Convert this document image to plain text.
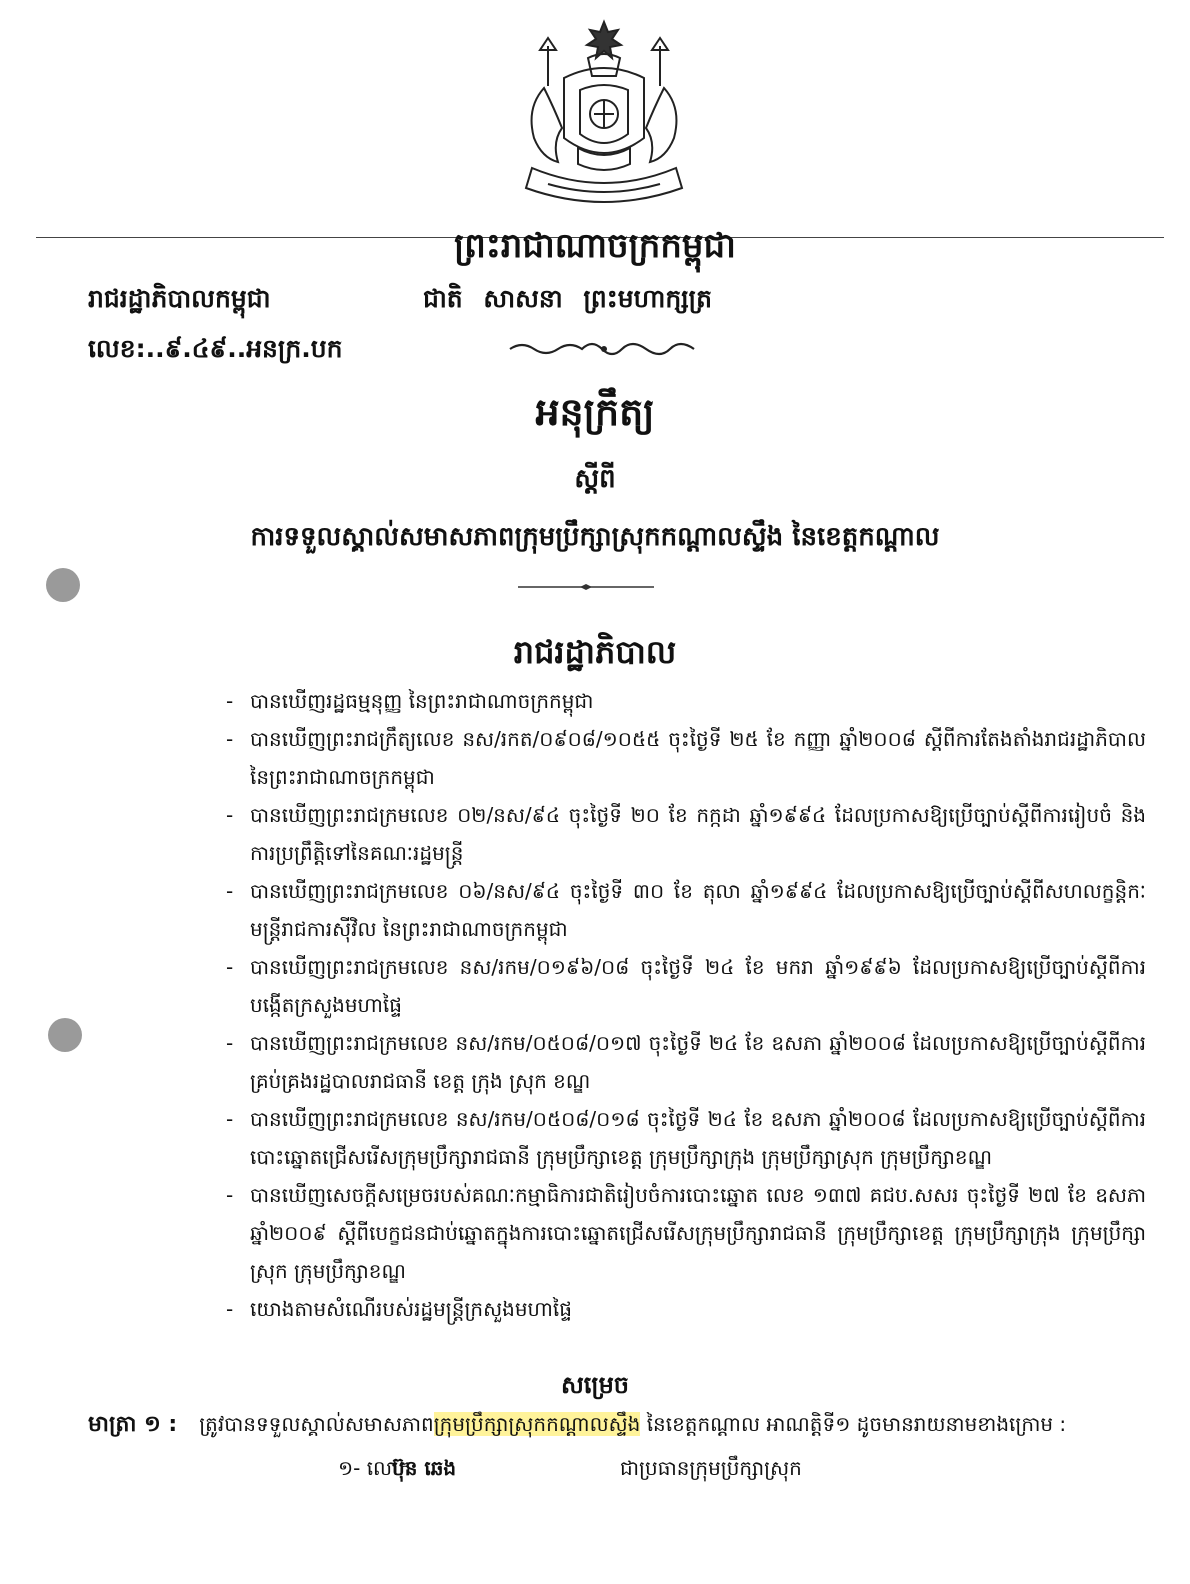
ព្រះរាជាណាចក្រកម្ពុជា
រាជរដ្ឋាភិបាលកម្ពុជា	ជាតិ សាសនា ព្រះមហាក្សត្រ
លេខ:..៩.៤៩..អនក្រ.បក
អនុក្រឹត្យ
ស្តីពី
ការទទួលស្គាល់សមាសភាពក្រុមប្រឹក្សាស្រុកកណ្តាលស្ទឹង នៃខេត្តកណ្តាល
រាជរដ្ឋាភិបាល
- បានឃើញរដ្ឋធម្មនុញ្ញ នៃព្រះរាជាណាចក្រកម្ពុជា
- បានឃើញព្រះរាជក្រឹត្យលេខ នស/រកត/០៩០៨/១០៥៥ ចុះថ្ងៃទី ២៥ ខែ កញ្ញា ឆ្នាំ២០០៨ ស្តីពីការតែងតាំងរាជរដ្ឋាភិបាល នៃព្រះរាជាណាចក្រកម្ពុជា
- បានឃើញព្រះរាជក្រមលេខ ០២/នស/៩៤ ចុះថ្ងៃទី ២០ ខែ កក្កដា ឆ្នាំ១៩៩៤ ដែលប្រកាសឱ្យប្រើច្បាប់ស្តីពីការរៀបចំ និងការប្រព្រឹត្តិទៅនៃគណៈរដ្ឋមន្ត្រី
- បានឃើញព្រះរាជក្រមលេខ ០៦/នស/៩៤ ចុះថ្ងៃទី ៣០ ខែ តុលា ឆ្នាំ១៩៩៤ ដែលប្រកាសឱ្យប្រើច្បាប់ស្តីពីសហលក្ខន្តិកៈមន្ត្រីរាជការស៊ីវិល នៃព្រះរាជាណាចក្រកម្ពុជា
- បានឃើញព្រះរាជក្រមលេខ នស/រកម/០១៩៦/០៨ ចុះថ្ងៃទី ២៤ ខែ មករា ឆ្នាំ១៩៩៦ ដែលប្រកាសឱ្យប្រើច្បាប់ស្តីពីការបង្កើតក្រសួងមហាផ្ទៃ
- បានឃើញព្រះរាជក្រមលេខ នស/រកម/០៥០៨/០១៧ ចុះថ្ងៃទី ២៤ ខែ ឧសភា ឆ្នាំ២០០៨ ដែលប្រកាសឱ្យប្រើច្បាប់ស្តីពីការគ្រប់គ្រងរដ្ឋបាលរាជធានី ខេត្ត ក្រុង ស្រុក ខណ្ឌ
- បានឃើញព្រះរាជក្រមលេខ នស/រកម/០៥០៨/០១៨ ចុះថ្ងៃទី ២៤ ខែ ឧសភា ឆ្នាំ២០០៨ ដែលប្រកាសឱ្យប្រើច្បាប់ស្តីពីការបោះឆ្នោតជ្រើសរើសក្រុមប្រឹក្សារាជធានី ក្រុមប្រឹក្សាខេត្ត ក្រុមប្រឹក្សាក្រុង ក្រុមប្រឹក្សាស្រុក ក្រុមប្រឹក្សាខណ្ឌ
- បានឃើញសេចក្តីសម្រេចរបស់គណៈកម្មាធិការជាតិរៀបចំការបោះឆ្នោត លេខ ១៣៧ គជប.សសរ ចុះថ្ងៃទី ២៧ ខែ ឧសភា ឆ្នាំ២០០៩ ស្តីពីបេក្ខជនជាប់ឆ្នោតក្នុងការបោះឆ្នោតជ្រើសរើសក្រុមប្រឹក្សារាជធានី ក្រុមប្រឹក្សាខេត្ត ក្រុមប្រឹក្សាក្រុង ក្រុមប្រឹក្សាស្រុក ក្រុមប្រឹក្សាខណ្ឌ
- យោងតាមសំណើរបស់រដ្ឋមន្ត្រីក្រសួងមហាផ្ទៃ
សម្រេច
មាត្រា ១ : ត្រូវបានទទួលស្គាល់សមាសភាពក្រុមប្រឹក្សាស្រុកកណ្តាលស្ទឹង នៃខេត្តកណ្តាល អាណត្តិទី១ ដូចមានរាយនាមខាងក្រោម :
១- លោក
ប៊ុន ឆេង	ជាប្រធានក្រុមប្រឹក្សាស្រុក
